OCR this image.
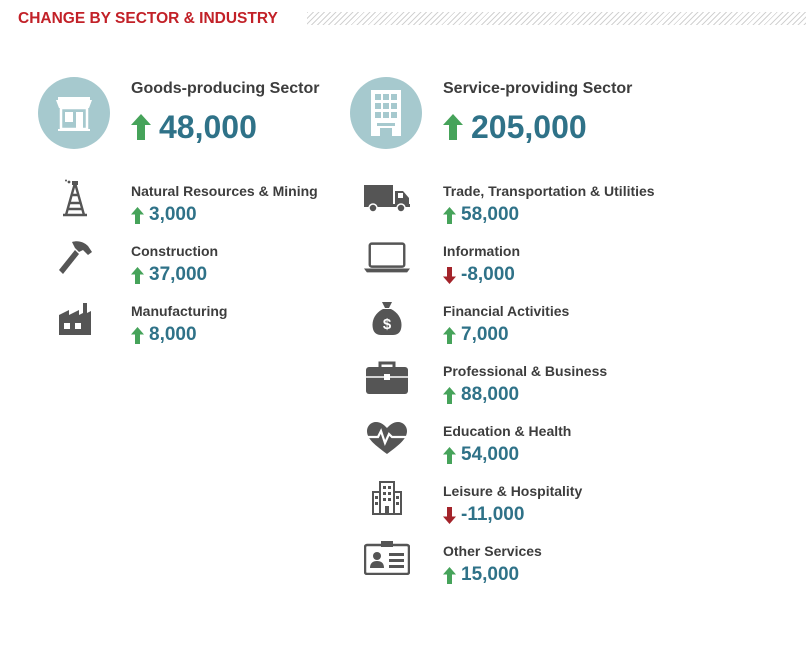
CHANGE BY SECTOR & INDUSTRY
Goods-producing Sector
48,000
Natural Resources & Mining
3,000
Construction
37,000
Manufacturing
8,000
Service-providing Sector
205,000
Trade, Transportation & Utilities
58,000
Information
-8,000
$
Financial Activities
7,000
Professional & Business
88,000
Education & Health
54,000
Leisure & Hospitality
-11,000
Other Services
15,000
